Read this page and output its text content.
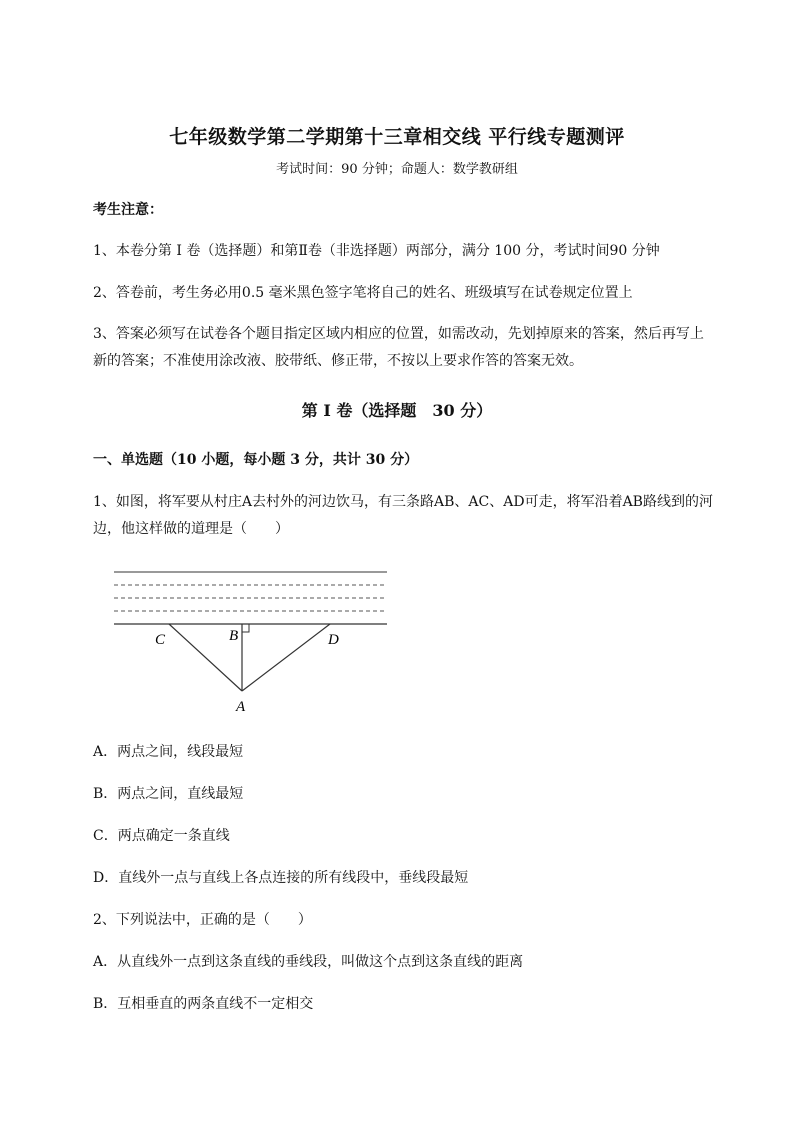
七年级数学第二学期第十三章相交线 平行线专题测评
考试时间：90 分钟；命题人：数学教研组
考生注意：
1、本卷分第 I 卷（选择题）和第Ⅱ卷（非选择题）两部分，满分 100 分，考试时间90 分钟
2、答卷前，考生务必用0.5 毫米黑色签字笔将自己的姓名、班级填写在试卷规定位置上
3、答案必须写在试卷各个题目指定区域内相应的位置，如需改动，先划掉原来的答案，然后再写上新的答案；不准使用涂改液、胶带纸、修正带，不按以上要求作答的答案无效。
第 I 卷（选择题　30 分）
一、单选题（10 小题，每小题 3 分，共计 30 分）
1、如图，将军要从村庄A去村外的河边饮马，有三条路AB、AC、AD可走，将军沿着AB路线到的河边，他这样做的道理是（　　）
C	B	D
A
A．两点之间，线段最短
B．两点之间，直线最短
C．两点确定一条直线
D．直线外一点与直线上各点连接的所有线段中，垂线段最短
2、下列说法中，正确的是（　　）
A．从直线外一点到这条直线的垂线段，叫做这个点到这条直线的距离
B．互相垂直的两条直线不一定相交
